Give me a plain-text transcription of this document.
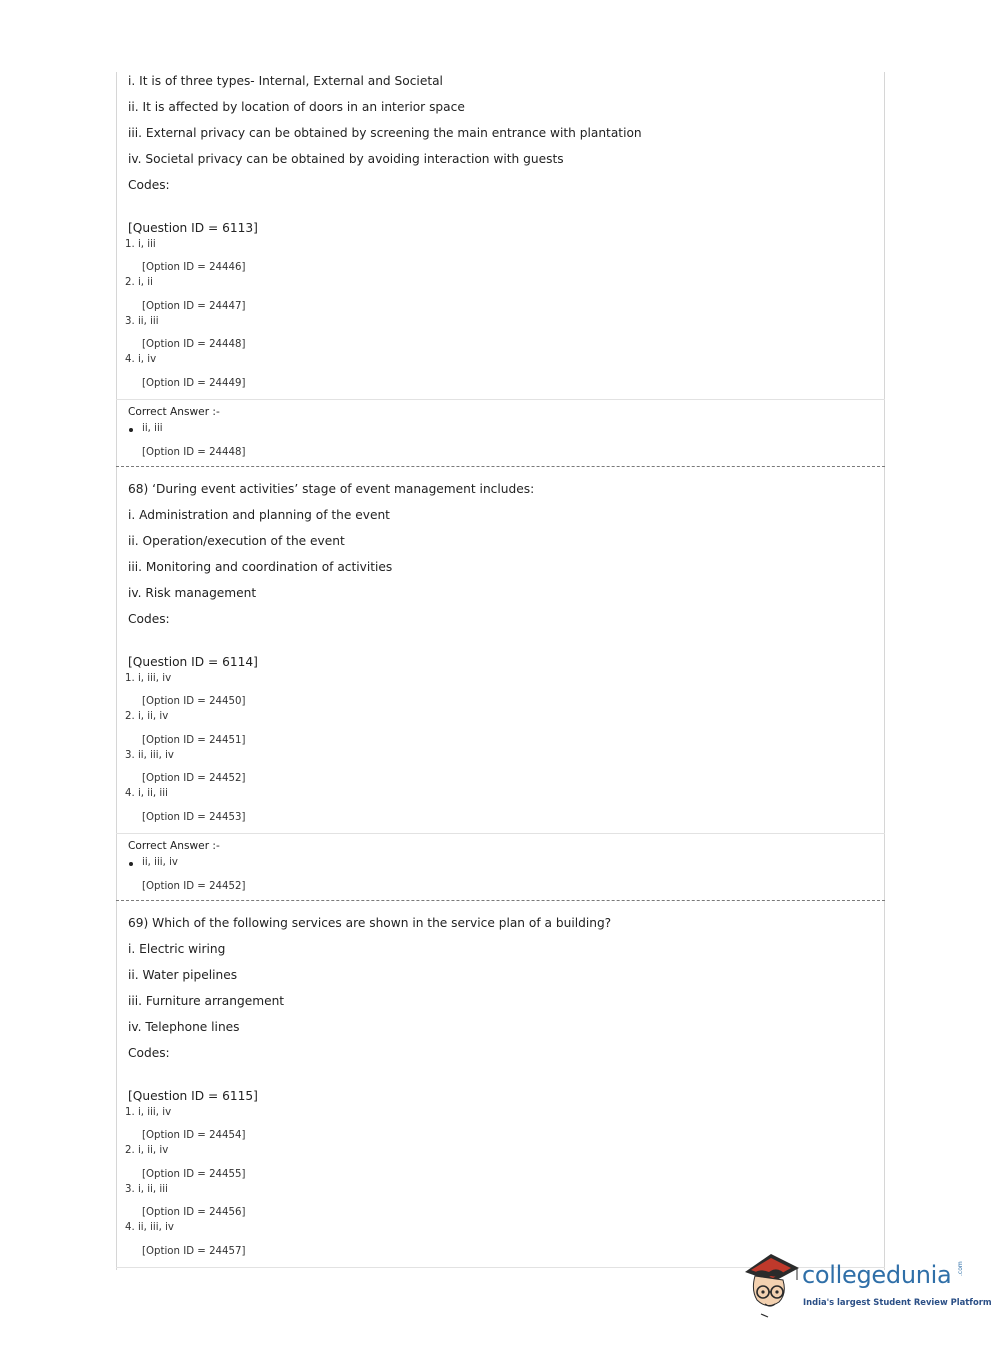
i. It is of three types- Internal, External and Societal
ii. It is affected by location of doors in an interior space
iii. External privacy can be obtained by screening the main entrance with plantation
iv. Societal privacy can be obtained by avoiding interaction with guests
Codes:
[Question ID = 6113]
1. i, iii
[Option ID = 24446]
2. i, ii
[Option ID = 24447]
3. ii, iii
[Option ID = 24448]
4. i, iv
[Option ID = 24449]
Correct Answer :-
ii, iii
[Option ID = 24448]
68) ‘During event activities’ stage of event management includes:
i. Administration and planning of the event
ii. Operation/execution of the event
iii. Monitoring and coordination of activities
iv. Risk management
Codes:
[Question ID = 6114]
1. i, iii, iv
[Option ID = 24450]
2. i, ii, iv
[Option ID = 24451]
3. ii, iii, iv
[Option ID = 24452]
4. i, ii, iii
[Option ID = 24453]
Correct Answer :-
ii, iii, iv
[Option ID = 24452]
69) Which of the following services are shown in the service plan of a building?
i. Electric wiring
ii. Water pipelines
iii. Furniture arrangement
iv. Telephone lines
Codes:
[Question ID = 6115]
1. i, iii, iv
[Option ID = 24454]
2. i, ii, iv
[Option ID = 24455]
3. i, ii, iii
[Option ID = 24456]
4. ii, iii, iv
[Option ID = 24457]
collegedunia .com
India's largest Student Review Platform
